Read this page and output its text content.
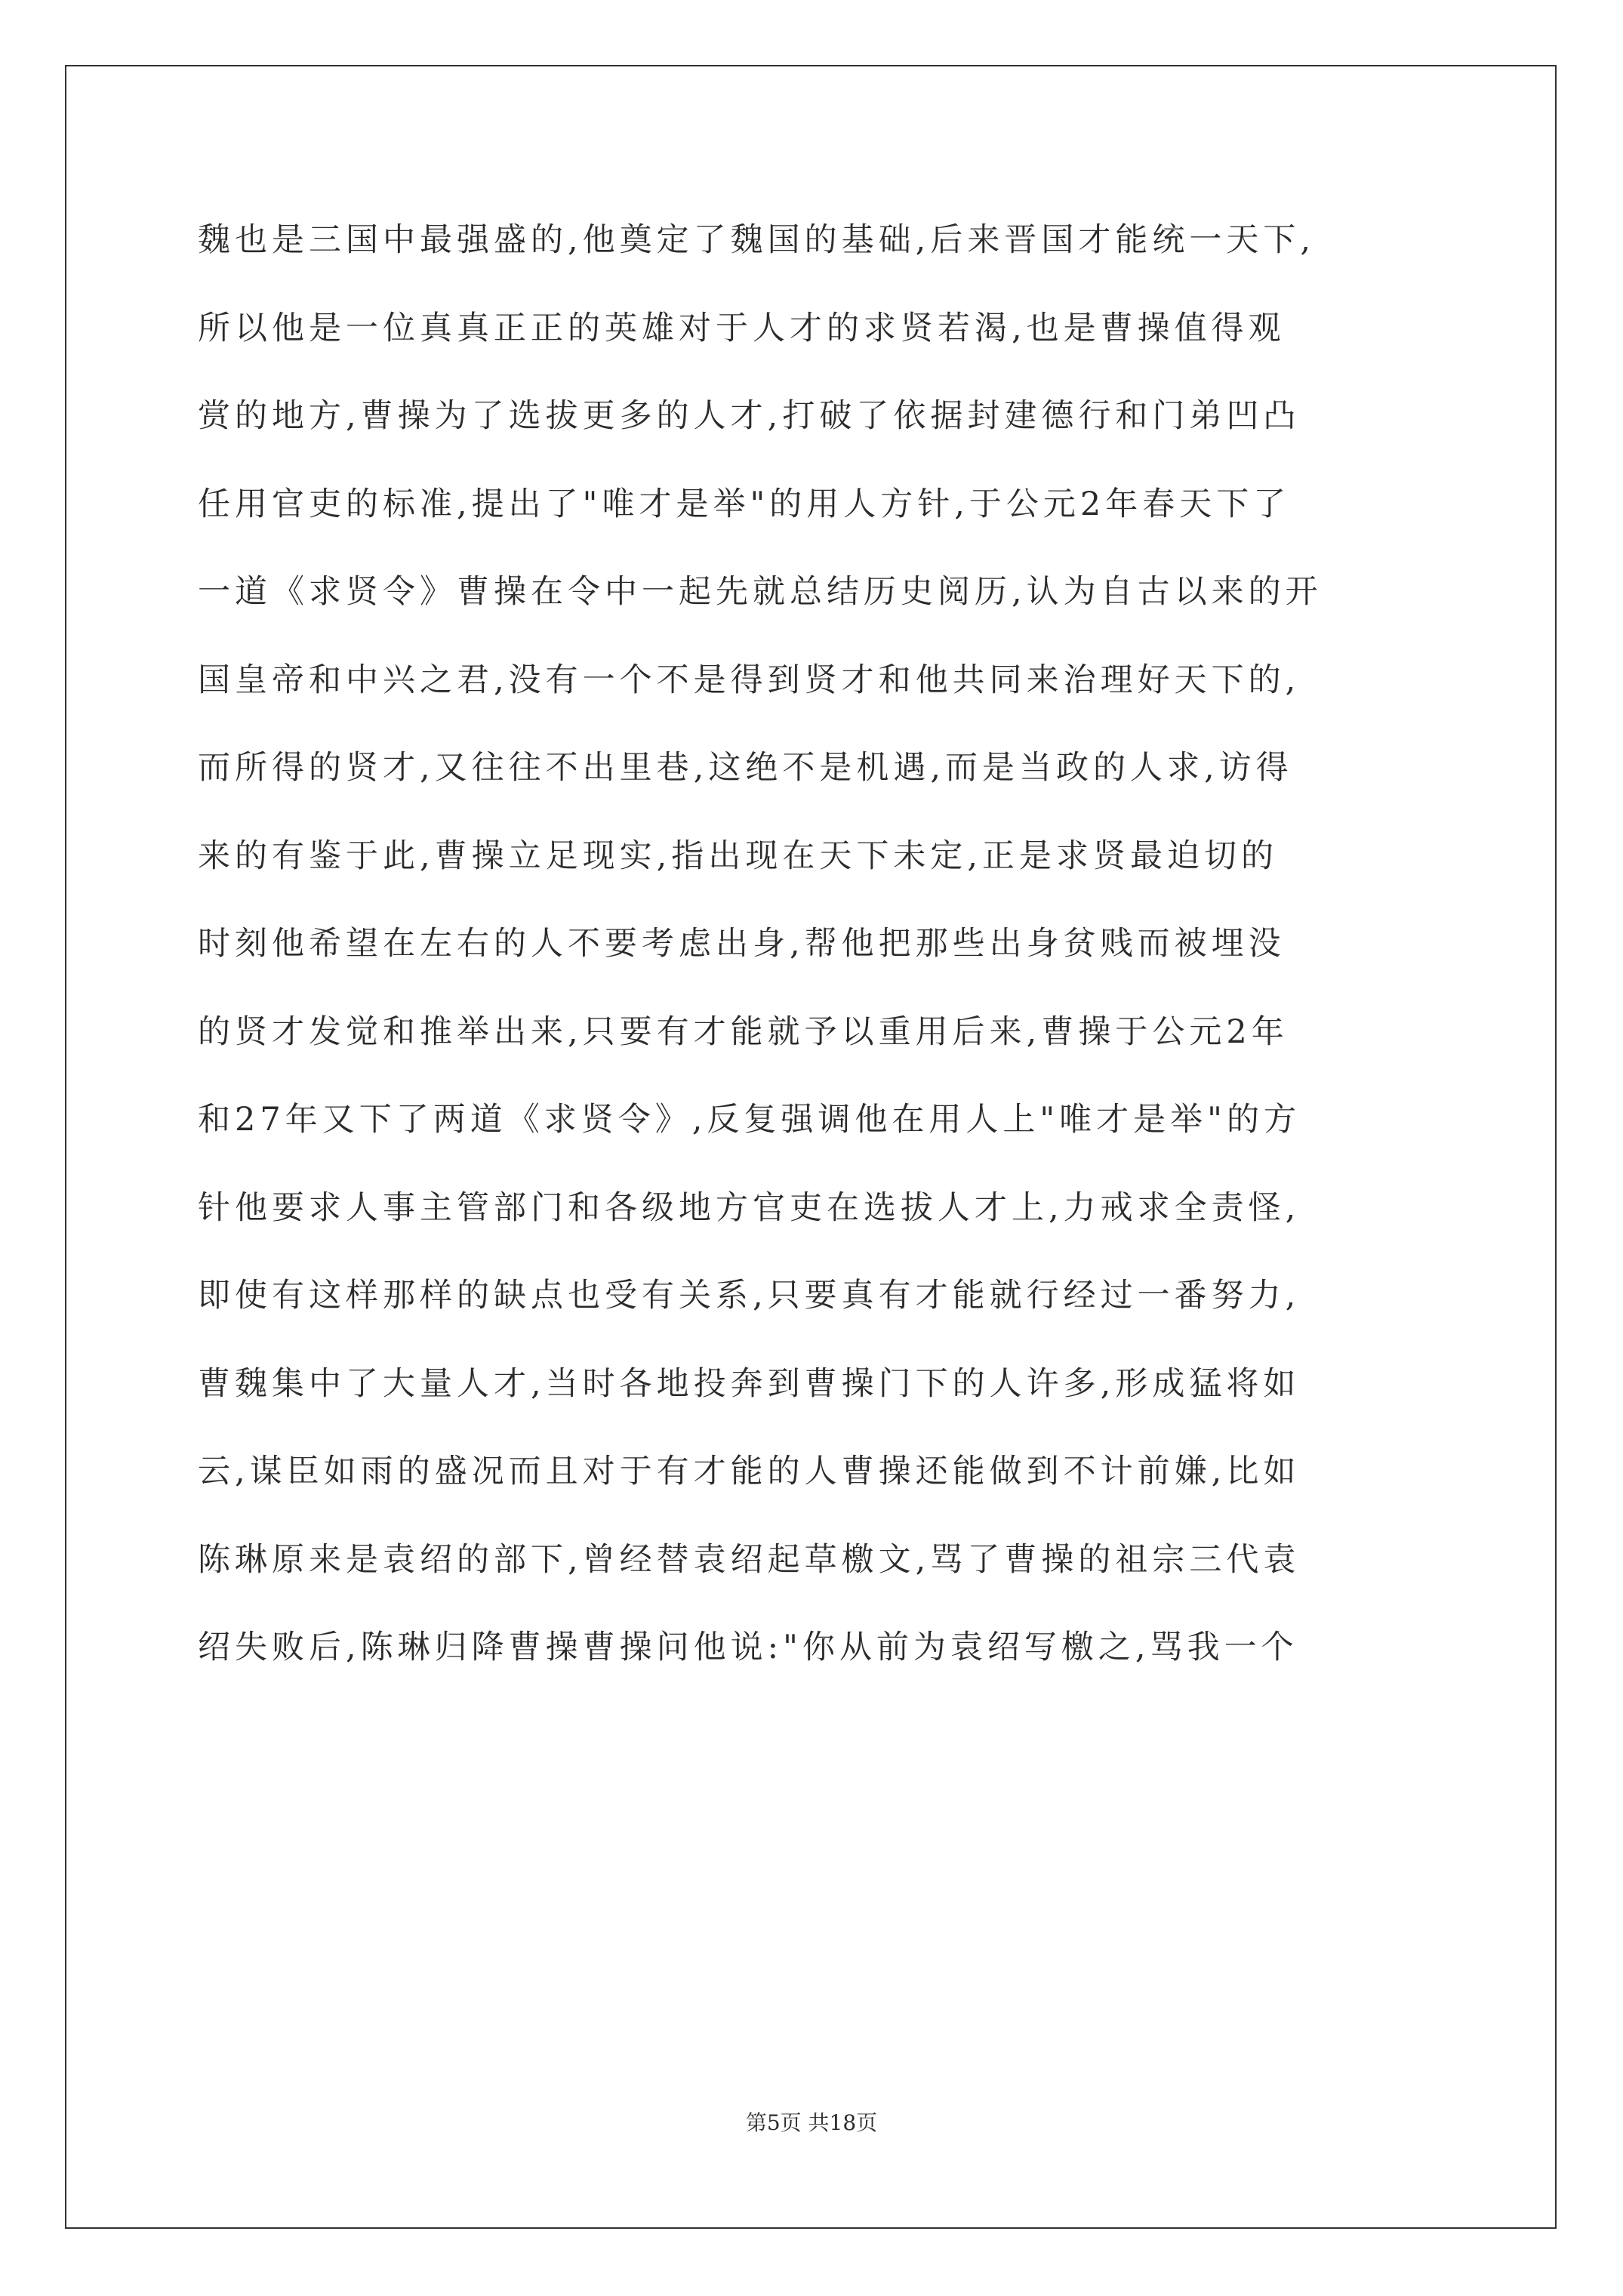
魏也是三国中最强盛的,他奠定了魏国的基础,后来晋国才能统一天下,
所以他是一位真真正正的英雄对于人才的求贤若渴,也是曹操值得观
赏的地方,曹操为了选拔更多的人才,打破了依据封建德行和门弟凹凸
任用官吏的标准,提出了"唯才是举"的用人方针,于公元2年春天下了
一道《求贤令》曹操在令中一起先就总结历史阅历,认为自古以来的开
国皇帝和中兴之君,没有一个不是得到贤才和他共同来治理好天下的,
而所得的贤才,又往往不出里巷,这绝不是机遇,而是当政的人求,访得
来的有鉴于此,曹操立足现实,指出现在天下未定,正是求贤最迫切的
时刻他希望在左右的人不要考虑出身,帮他把那些出身贫贱而被埋没
的贤才发觉和推举出来,只要有才能就予以重用后来,曹操于公元2年
和27年又下了两道《求贤令》,反复强调他在用人上"唯才是举"的方
针他要求人事主管部门和各级地方官吏在选拔人才上,力戒求全责怪,
即使有这样那样的缺点也受有关系,只要真有才能就行经过一番努力,
曹魏集中了大量人才,当时各地投奔到曹操门下的人许多,形成猛将如
云,谋臣如雨的盛况而且对于有才能的人曹操还能做到不计前嫌,比如
陈琳原来是袁绍的部下,曾经替袁绍起草檄文,骂了曹操的祖宗三代袁
绍失败后,陈琳归降曹操曹操问他说:"你从前为袁绍写檄之,骂我一个
第5页 共18页
